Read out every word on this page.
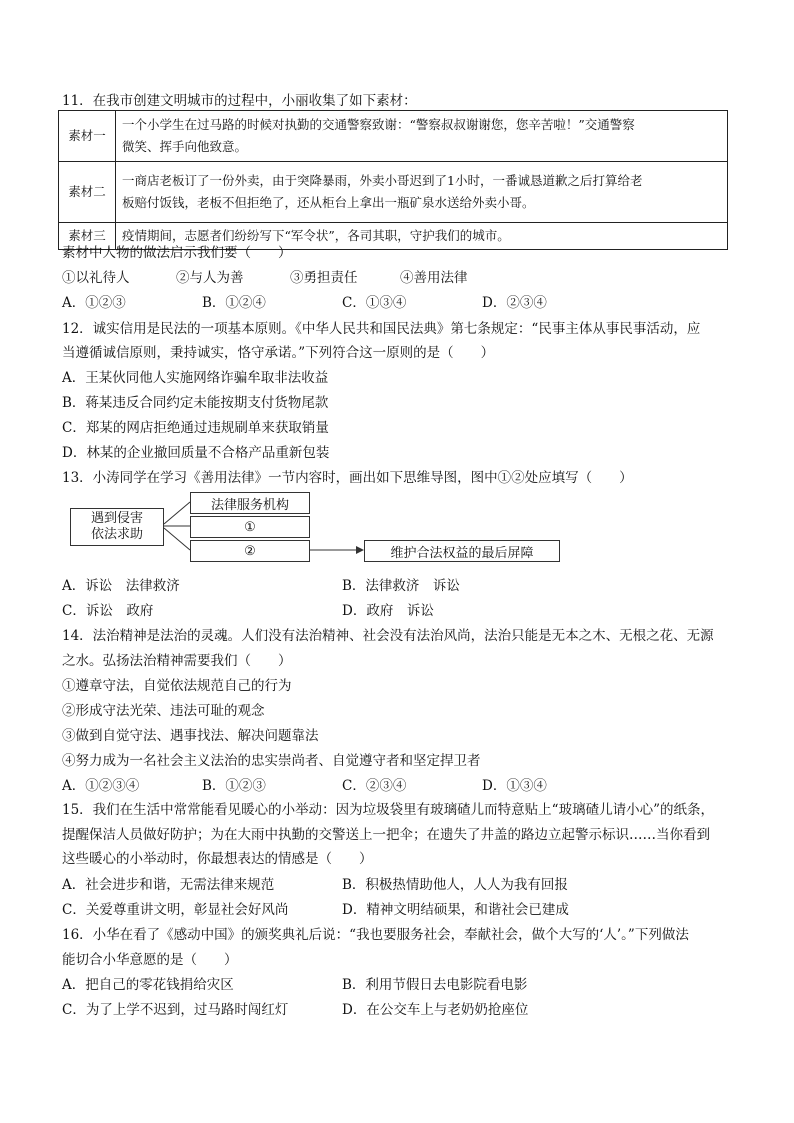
11．在我市创建文明城市的过程中，小丽收集了如下素材：
素材一	一个小学生在过马路的时候对执勤的交通警察致谢：“警察叔叔谢谢您，您辛苦啦！”交通警察
微笑、挥手向他致意。

素材二	一商店老板订了一份外卖，由于突降暴雨，外卖小哥迟到了1小时，一番诚恳道歉之后打算给老
板赔付饭钱，老板不但拒绝了，还从柜台上拿出一瓶矿泉水送给外卖小哥。

素材三	疫情期间，志愿者们纷纷写下“军令状”，各司其职，守护我们的城市。
素材中人物的做法启示我们要（　　）
①以礼待人	②与人为善	③勇担责任	④善用法律
A．①②③	B．①②④	C．①③④	D．②③④
12．诚实信用是民法的一项基本原则。《中华人民共和国民法典》第七条规定：“民事主体从事民事活动，应
当遵循诚信原则，秉持诚实，恪守承诺。”下列符合这一原则的是（　　）
A．王某伙同他人实施网络诈骗牟取非法收益
B．蒋某违反合同约定未能按期支付货物尾款
C．郑某的网店拒绝通过违规刷单来获取销量
D．林某的企业撤回质量不合格产品重新包装
13．小涛同学在学习《善用法律》一节内容时，画出如下思维导图，图中①②处应填写（　　）
遇到侵害
依法求助
法律服务机构
①
②	维护合法权益的最后屏障
A．诉讼　法律救济	B．法律救济　诉讼
C．诉讼　政府	D．政府　诉讼
14．法治精神是法治的灵魂。人们没有法治精神、社会没有法治风尚，法治只能是无本之木、无根之花、无源
之水。弘扬法治精神需要我们（　　）
①遵章守法，自觉依法规范自己的行为
②形成守法光荣、违法可耻的观念
③做到自觉守法、遇事找法、解决问题靠法
④努力成为一名社会主义法治的忠实崇尚者、自觉遵守者和坚定捍卫者
A．①②③④	B．①②③	C．②③④	D．①③④
15．我们在生活中常常能看见暖心的小举动：因为垃圾袋里有玻璃碴儿而特意贴上“玻璃碴儿请小心”的纸条，
提醒保洁人员做好防护；为在大雨中执勤的交警送上一把伞；在遗失了井盖的路边立起警示标识……当你看到
这些暖心的小举动时，你最想表达的情感是（　　）
A．社会进步和谐，无需法律来规范	B．积极热情助他人，人人为我有回报
C．关爱尊重讲文明，彰显社会好风尚	D．精神文明结硕果，和谐社会已建成
16．小华在看了《感动中国》的颁奖典礼后说：“我也要服务社会，奉献社会，做个大写的‘人’。”下列做法
能切合小华意愿的是（　　）
A．把自己的零花钱捐给灾区	B．利用节假日去电影院看电影
C．为了上学不迟到，过马路时闯红灯	D．在公交车上与老奶奶抢座位
